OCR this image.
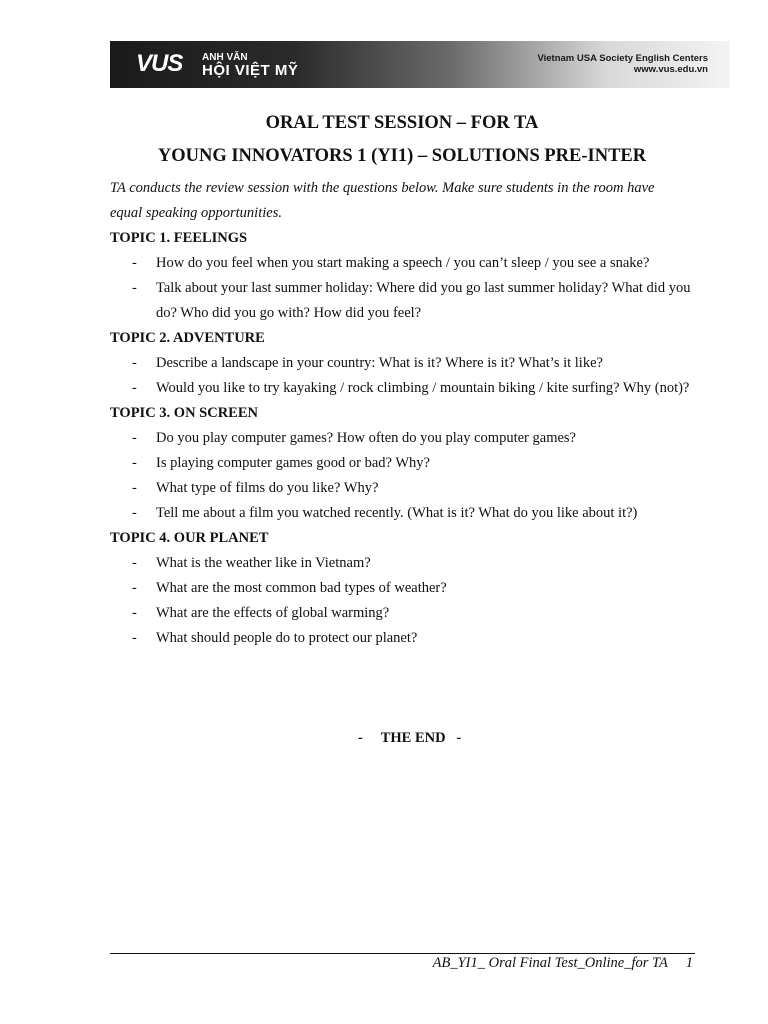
VUS ANH VĂN
HỘI VIỆT MỸ
Vietnam USA Society English Centers
www.vus.edu.vn
ORAL TEST SESSION – FOR TA
YOUNG INNOVATORS 1 (YI1) – SOLUTIONS PRE-INTER
TA conducts the review session with the questions below. Make sure students in the room have equal speaking opportunities.
TOPIC 1. FEELINGS
- How do you feel when you start making a speech / you can’t sleep / you see a snake?
- Talk about your last summer holiday: Where did you go last summer holiday? What did you do? Who did you go with? How did you feel?
TOPIC 2. ADVENTURE
- Describe a landscape in your country: What is it? Where is it? What’s it like?
- Would you like to try kayaking / rock climbing / mountain biking / kite surfing? Why (not)?
TOPIC 3. ON SCREEN
- Do you play computer games? How often do you play computer games?
- Is playing computer games good or bad? Why?
- What type of films do you like? Why?
- Tell me about a film you watched recently. (What is it? What do you like about it?)
TOPIC 4. OUR PLANET
- What is the weather like in Vietnam?
- What are the most common bad types of weather?
- What are the effects of global warming?
- What should people do to protect our planet?
-     THE END   -
AB_YI1_ Oral Final Test_Online_for TA 1
